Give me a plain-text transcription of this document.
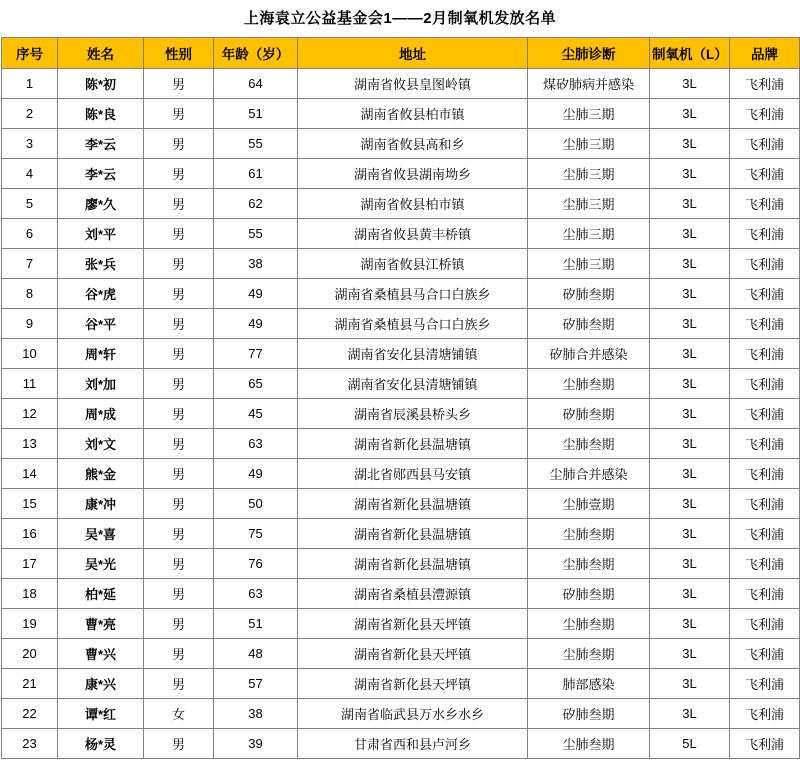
上海袁立公益基金会1——2月制氧机发放名单
序号	姓名	性别	年龄（岁）	地址	尘肺诊断	制氧机（L）	品牌
1	陈*初	男	64	湖南省攸县皇图岭镇	煤矽肺病并感染	3L	飞利浦
2	陈*良	男	51	湖南省攸县柏市镇	尘肺三期	3L	飞利浦
3	李*云	男	55	湖南省攸县高和乡	尘肺三期	3L	飞利浦
4	李*云	男	61	湖南省攸县湖南坳乡	尘肺三期	3L	飞利浦
5	廖*久	男	62	湖南省攸县柏市镇	尘肺三期	3L	飞利浦
6	刘*平	男	55	湖南省攸县黄丰桥镇	尘肺三期	3L	飞利浦
7	张*兵	男	38	湖南省攸县江桥镇	尘肺三期	3L	飞利浦
8	谷*虎	男	49	湖南省桑植县马合口白族乡	矽肺叁期	3L	飞利浦
9	谷*平	男	49	湖南省桑植县马合口白族乡	矽肺叁期	3L	飞利浦
10	周*轩	男	77	湖南省安化县清塘铺镇	矽肺合并感染	3L	飞利浦
11	刘*加	男	65	湖南省安化县清塘铺镇	尘肺叁期	3L	飞利浦
12	周*成	男	45	湖南省辰溪县桥头乡	矽肺叁期	3L	飞利浦
13	刘*文	男	63	湖南省新化县温塘镇	尘肺叁期	3L	飞利浦
14	熊*金	男	49	湖北省郧西县马安镇	尘肺合并感染	3L	飞利浦
15	康*冲	男	50	湖南省新化县温塘镇	尘肺壹期	3L	飞利浦
16	吴*喜	男	75	湖南省新化县温塘镇	尘肺叁期	3L	飞利浦
17	吴*光	男	76	湖南省新化县温塘镇	尘肺叁期	3L	飞利浦
18	柏*延	男	63	湖南省桑植县澧源镇	矽肺叁期	3L	飞利浦
19	曹*亮	男	51	湖南省新化县天坪镇	尘肺叁期	3L	飞利浦
20	曹*兴	男	48	湖南省新化县天坪镇	尘肺叁期	3L	飞利浦
21	康*兴	男	57	湖南省新化县天坪镇	肺部感染	3L	飞利浦
22	谭*红	女	38	湖南省临武县万水乡水乡	矽肺叁期	3L	飞利浦
23	杨*灵	男	39	甘肃省西和县卢河乡	尘肺叁期	5L	飞利浦
